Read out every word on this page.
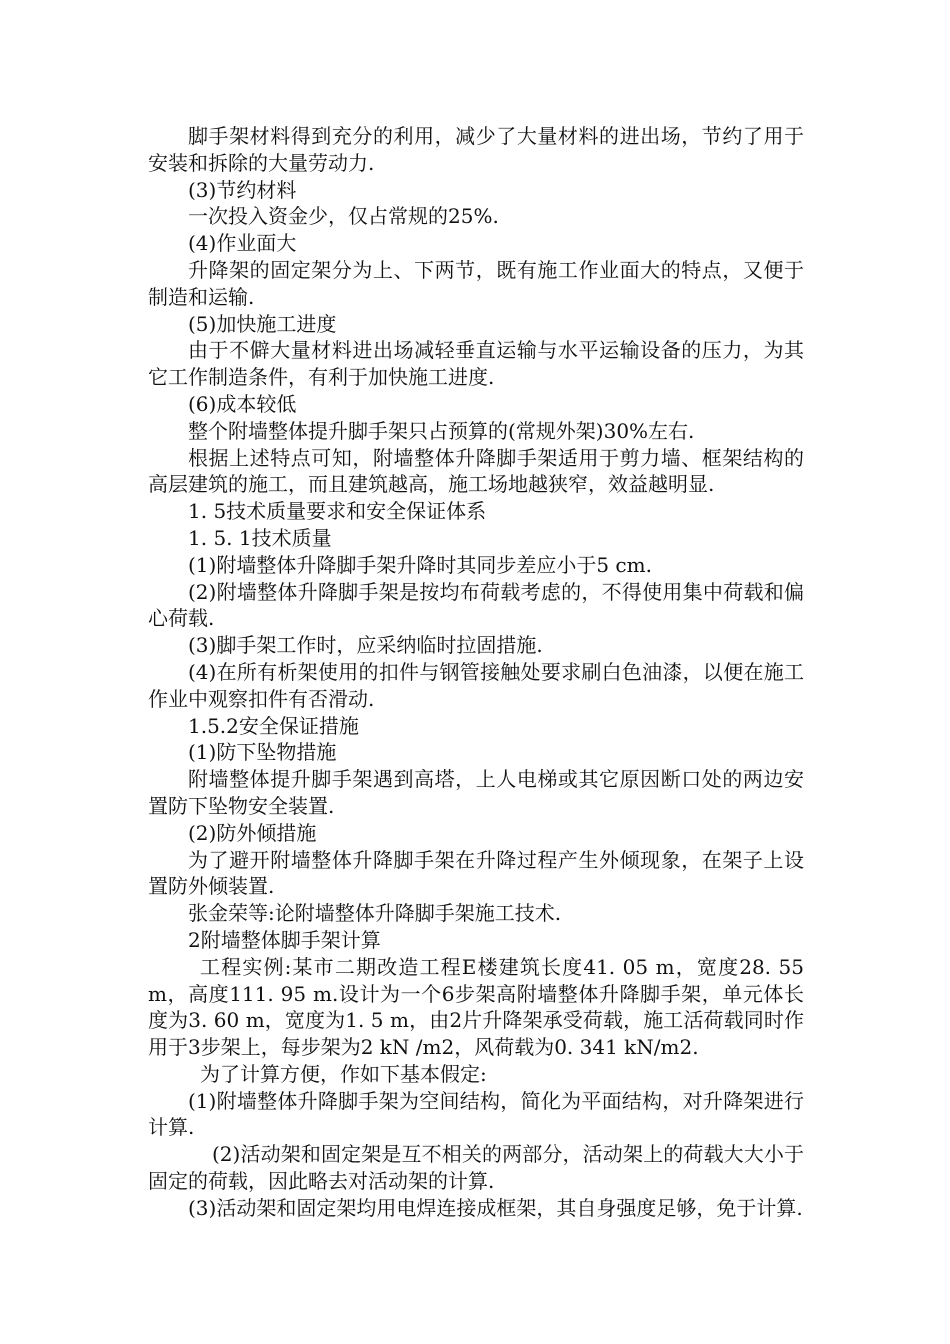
脚手架材料得到充分的利用，减少了大量材料的进出场，节约了用于安装和拆除的大量劳动力.

(3)节约材料

一次投入资金少，仅占常规的25%.

(4)作业面大

升降架的固定架分为上、下两节，既有施工作业面大的特点，又便于制造和运输.

(5)加快施工进度

由于不僻大量材料进出场减轻垂直运输与水平运输设备的压力，为其它工作制造条件，有利于加快施工进度.

(6)成本较低

整个附墙整体提升脚手架只占预算的(常规外架)30%左右.

根据上述特点可知，附墙整体升降脚手架适用于剪力墙、框架结构的高层建筑的施工，而且建筑越高，施工场地越狭窄，效益越明显.

1. 5技术质量要求和安全保证体系

1. 5. 1技术质量

(1)附墙整体升降脚手架升降时其同步差应小于5 cm.

(2)附墙整体升降脚手架是按均布荷载考虑的，不得使用集中荷载和偏心荷载.

(3)脚手架工作时，应采纳临时拉固措施.

(4)在所有析架使用的扣件与钢管接触处要求刷白色油漆，以便在施工作业中观察扣件有否滑动.

1.5.2安全保证措施

(1)防下坠物措施

附墙整体提升脚手架遇到高塔，上人电梯或其它原因断口处的两边安置防下坠物安全装置.

(2)防外倾措施

为了避开附墙整体升降脚手架在升降过程产生外倾现象，在架子上设置防外倾装置.

张金荣等:论附墙整体升降脚手架施工技术.

2附墙整体脚手架计算

工程实例:某市二期改造工程E楼建筑长度41. 05 m，宽度28. 55 m，高度111. 95 m.设计为一个6步架高附墙整体升降脚手架，单元体长度为3. 60 m，宽度为1. 5 m，由2片升降架承受荷载，施工活荷载同时作用于3步架上，每步架为2 kN /m2，风荷载为0. 341 kN/m2.

为了计算方便，作如下基本假定:

(1)附墙整体升降脚手架为空间结构，简化为平面结构，对升降架进行计算.

(2)活动架和固定架是互不相关的两部分，活动架上的荷载大大小于固定的荷载，因此略去对活动架的计算.

(3)活动架和固定架均用电焊连接成框架，其自身强度足够，免于计算.
